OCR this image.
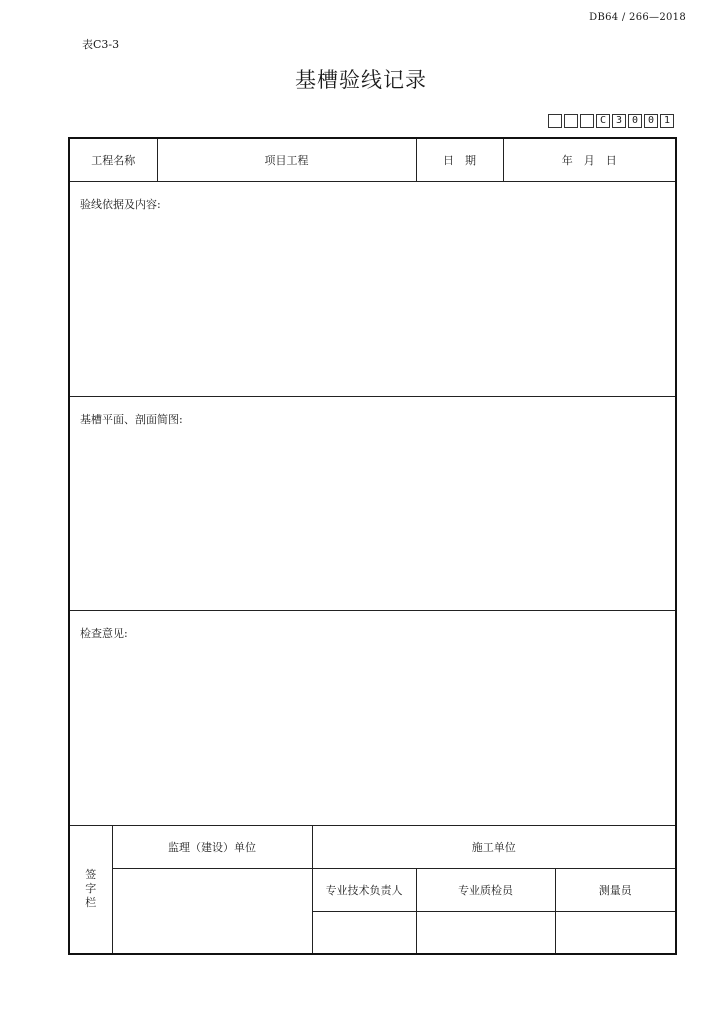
DB64 / 266—2018
表C3-3
基槽验线记录
C 3 0 0 1
工程名称		项目工程		日　期	年　月　日	

验线依据及内容:						

基槽平面、剖面简图:						

检查意见:						

签字栏	监理（建设）单位		施工单位			
			专业技术负责人	专业质检员		测量员
